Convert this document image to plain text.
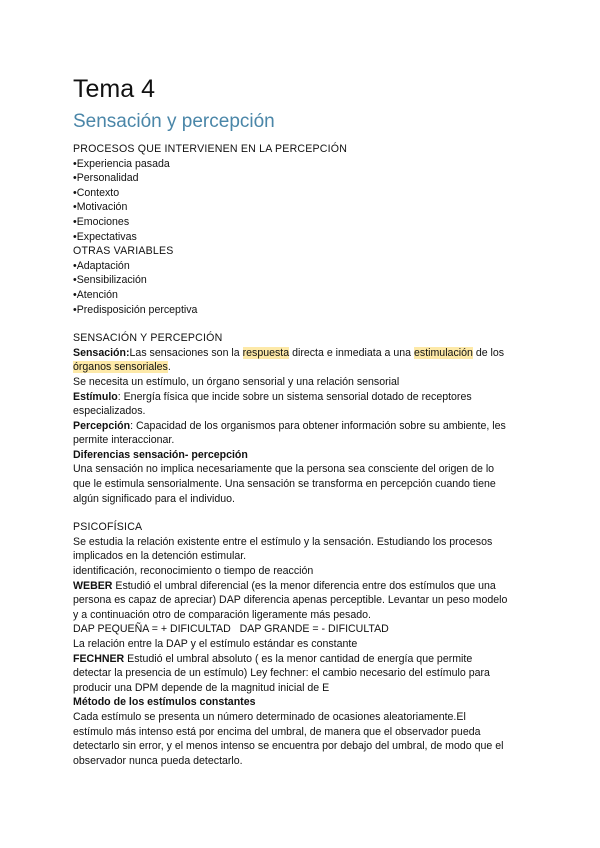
Tema 4
Sensación y percepción
PROCESOS QUE INTERVIENEN EN LA PERCEPCIÓN
•Experiencia pasada
•Personalidad
•Contexto
•Motivación
•Emociones
•Expectativas
OTRAS VARIABLES
•Adaptación
•Sensibilización
•Atención
•Predisposición perceptiva
SENSACIÓN Y PERCEPCIÓN
Sensación:Las sensaciones son la respuesta directa e inmediata a una estimulación de los
órganos sensoriales.
Se necesita un estímulo, un órgano sensorial y una relación sensorial
Estímulo: Energía física que incide sobre un sistema sensorial dotado de receptores
especializados.
Percepción: Capacidad de los organismos para obtener información sobre su ambiente, les
permite interaccionar.
Diferencias sensación- percepción
Una sensación no implica necesariamente que la persona sea consciente del origen de lo
que le estimula sensorialmente. Una sensación se transforma en percepción cuando tiene
algún significado para el individuo.
PSICOFÍSICA
Se estudia la relación existente entre el estímulo y la sensación. Estudiando los procesos
implicados en la detención estimular.
identificación, reconocimiento o tiempo de reacción
WEBER Estudió el umbral diferencial (es la menor diferencia entre dos estímulos que una
persona es capaz de apreciar) DAP diferencia apenas perceptible. Levantar un peso modelo
y a continuación otro de comparación ligeramente más pesado.
DAP PEQUEÑA = + DIFICULTAD   DAP GRANDE = - DIFICULTAD
La relación entre la DAP y el estímulo estándar es constante
FECHNER Estudió el umbral absoluto ( es la menor cantidad de energía que permite
detectar la presencia de un estímulo) Ley fechner: el cambio necesario del estímulo para
producir una DPM depende de la magnitud inicial de E
Método de los estímulos constantes
Cada estímulo se presenta un número determinado de ocasiones aleatoriamente.El
estímulo más intenso está por encima del umbral, de manera que el observador pueda
detectarlo sin error, y el menos intenso se encuentra por debajo del umbral, de modo que el
observador nunca pueda detectarlo.
